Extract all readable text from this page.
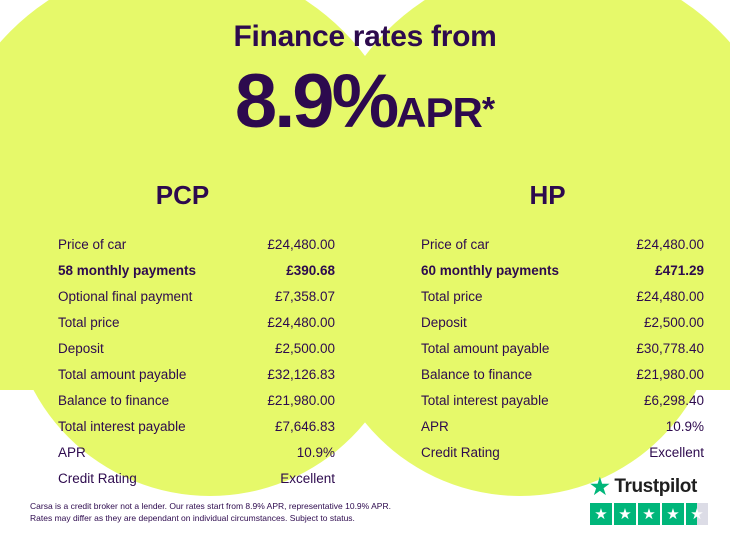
Finance rates from
8.9%APR*
PCP
Price of car	£24,480.00
58 monthly payments	£390.68
Optional final payment	£7,358.07
Total price	£24,480.00
Deposit	£2,500.00
Total amount payable	£32,126.83
Balance to finance	£21,980.00
Total interest payable	£7,646.83
APR	10.9%
Credit Rating	Excellent
HP
Price of car	£24,480.00
60 monthly payments	£471.29
Total price	£24,480.00
Deposit	£2,500.00
Total amount payable	£30,778.40
Balance to finance	£21,980.00
Total interest payable	£6,298.40
APR	10.9%
Credit Rating	Excellent
Carsa is a credit broker not a lender. Our rates start from 8.9% APR, representative 10.9% APR.
Rates may differ as they are dependant on individual circumstances. Subject to status.
★ Trustpilot
★ ★ ★ ★ ★
